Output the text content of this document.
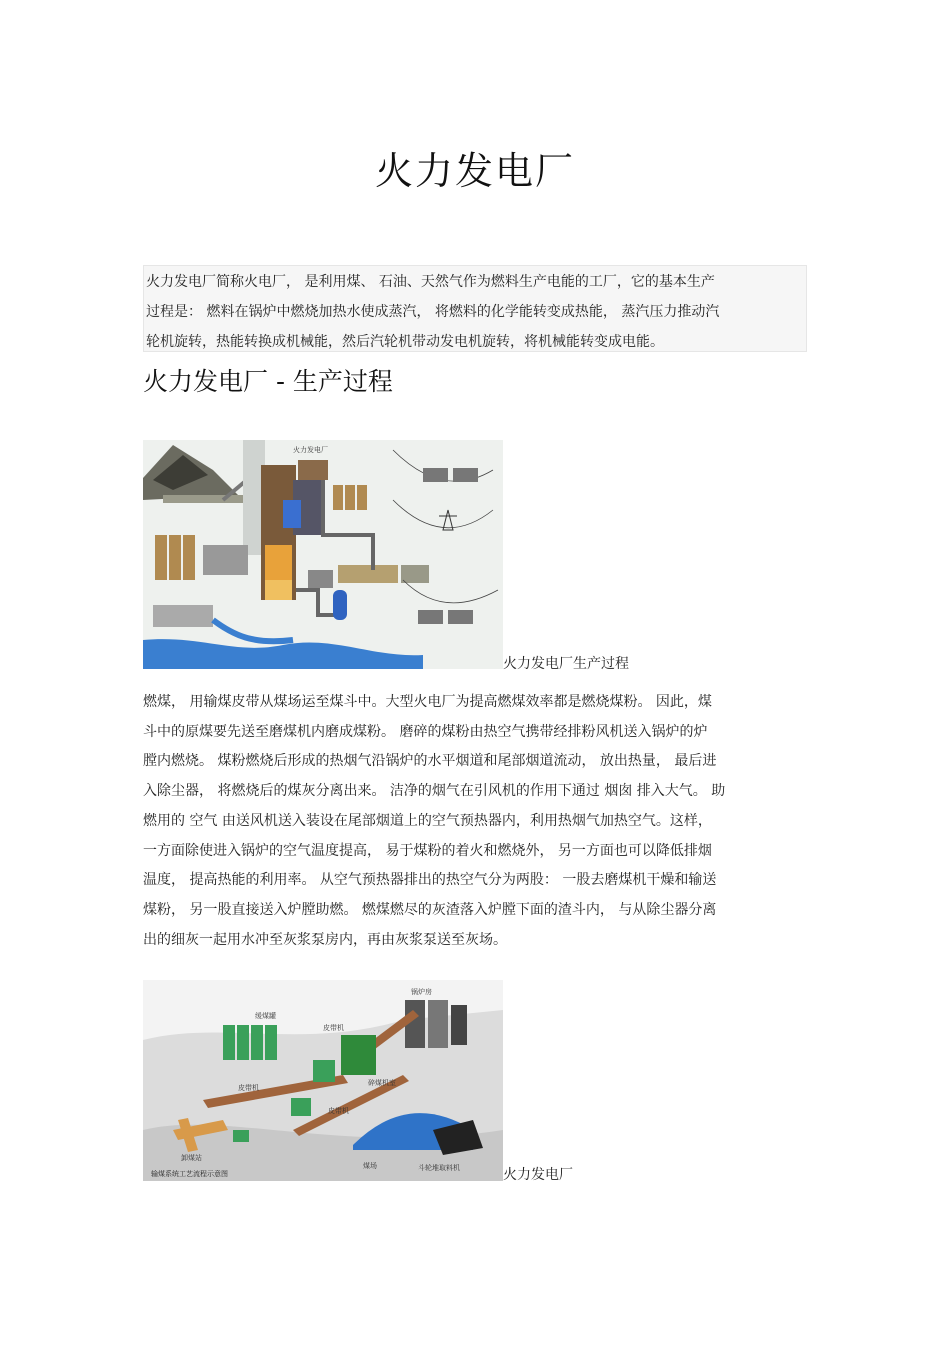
火力发电厂

火力发电厂简称火电厂， 是利用煤、 石油、天然气作为燃料生产电能的工厂，它的基本生产

过程是： 燃料在锅炉中燃烧加热水使成蒸汽， 将燃料的化学能转变成热能， 蒸汽压力推动汽

轮机旋转，热能转换成机械能，然后汽轮机带动发电机旋转，将机械能转变成电能。

火力发电厂 - 生产过程
火力发电厂
火力发电厂生产过程

燃煤， 用输煤皮带从煤场运至煤斗中。大型火电厂为提高燃煤效率都是燃烧煤粉。 因此，煤

斗中的原煤要先送至磨煤机内磨成煤粉。 磨碎的煤粉由热空气携带经排粉风机送入锅炉的炉

膛内燃烧。 煤粉燃烧后形成的热烟气沿锅炉的水平烟道和尾部烟道流动， 放出热量， 最后进

入除尘器， 将燃烧后的煤灰分离出来。 洁净的烟气在引风机的作用下通过 烟囱 排入大气。 助

燃用的 空气 由送风机送入装设在尾部烟道上的空气预热器内，利用热烟气加热空气。这样，

一方面除使进入锅炉的空气温度提高， 易于煤粉的着火和燃烧外， 另一方面也可以降低排烟

温度， 提高热能的利用率。 从空气预热器排出的热空气分为两股： 一股去磨煤机干燥和输送

煤粉， 另一股直接送入炉膛助燃。 燃煤燃尽的灰渣落入炉膛下面的渣斗内， 与从除尘器分离

出的细灰一起用水冲至灰浆泵房内，再由灰浆泵送至灰场。

锅炉房
缓煤罐
皮带机
皮带机
皮带机
碎煤机室
煤场	斗轮堆取料机
卸煤站
输煤系统工艺流程示意图	火力发电厂
